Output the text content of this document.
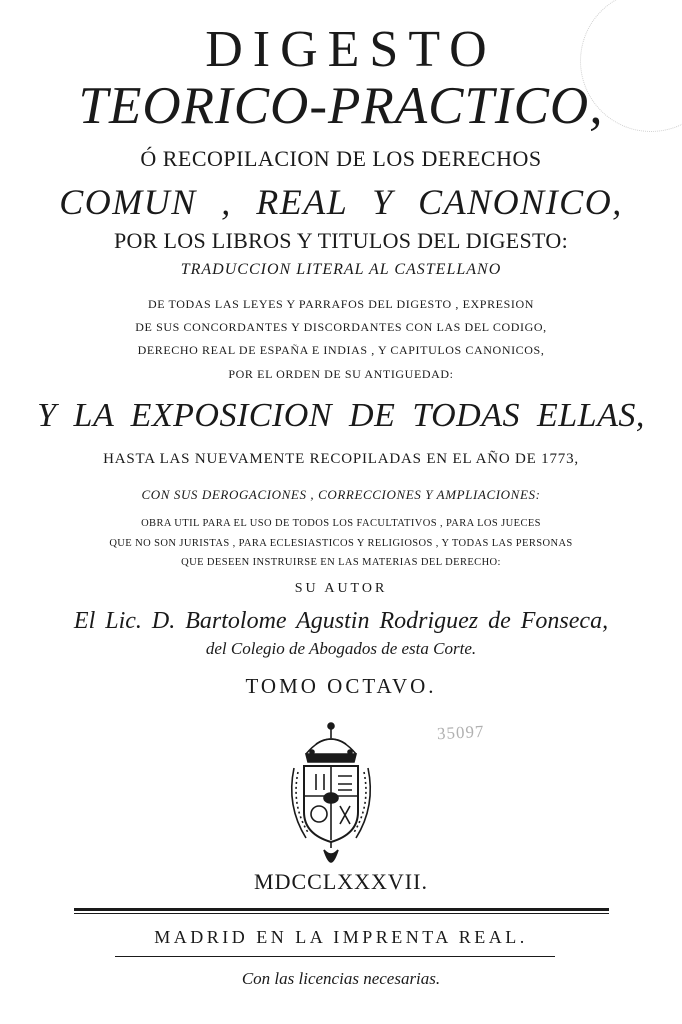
DIGESTO
TEORICO-PRACTICO,
Ó RECOPILACION DE LOS DERECHOS
COMUN , REAL Y CANONICO,
POR LOS LIBROS Y TITULOS DEL DIGESTO:
TRADUCCION LITERAL AL CASTELLANO
DE TODAS LAS LEYES Y PARRAFOS DEL DIGESTO , EXPRESION
DE SUS CONCORDANTES Y DISCORDANTES CON LAS DEL CODIGO,
DERECHO REAL DE ESPAÑA E INDIAS , Y CAPITULOS CANONICOS,
POR EL ORDEN DE SU ANTIGUEDAD:
Y LA EXPOSICION DE TODAS ELLAS,
HASTA LAS NUEVAMENTE RECOPILADAS EN EL AÑO DE 1773,
CON SUS DEROGACIONES , CORRECCIONES Y AMPLIACIONES:
OBRA UTIL PARA EL USO DE TODOS LOS FACULTATIVOS , PARA LOS JUECES
QUE NO SON JURISTAS , PARA ECLESIASTICOS Y RELIGIOSOS , Y TODAS LAS PERSONAS
QUE DESEEN INSTRUIRSE EN LAS MATERIAS DEL DERECHO:
SU AUTOR
El Lic. D. Bartolome Agustin Rodriguez de Fonseca,
del Colegio de Abogados de esta Corte.
TOMO OCTAVO.
35097
MDCCLXXXVII.
MADRID EN LA IMPRENTA REAL.
Con las licencias necesarias.
